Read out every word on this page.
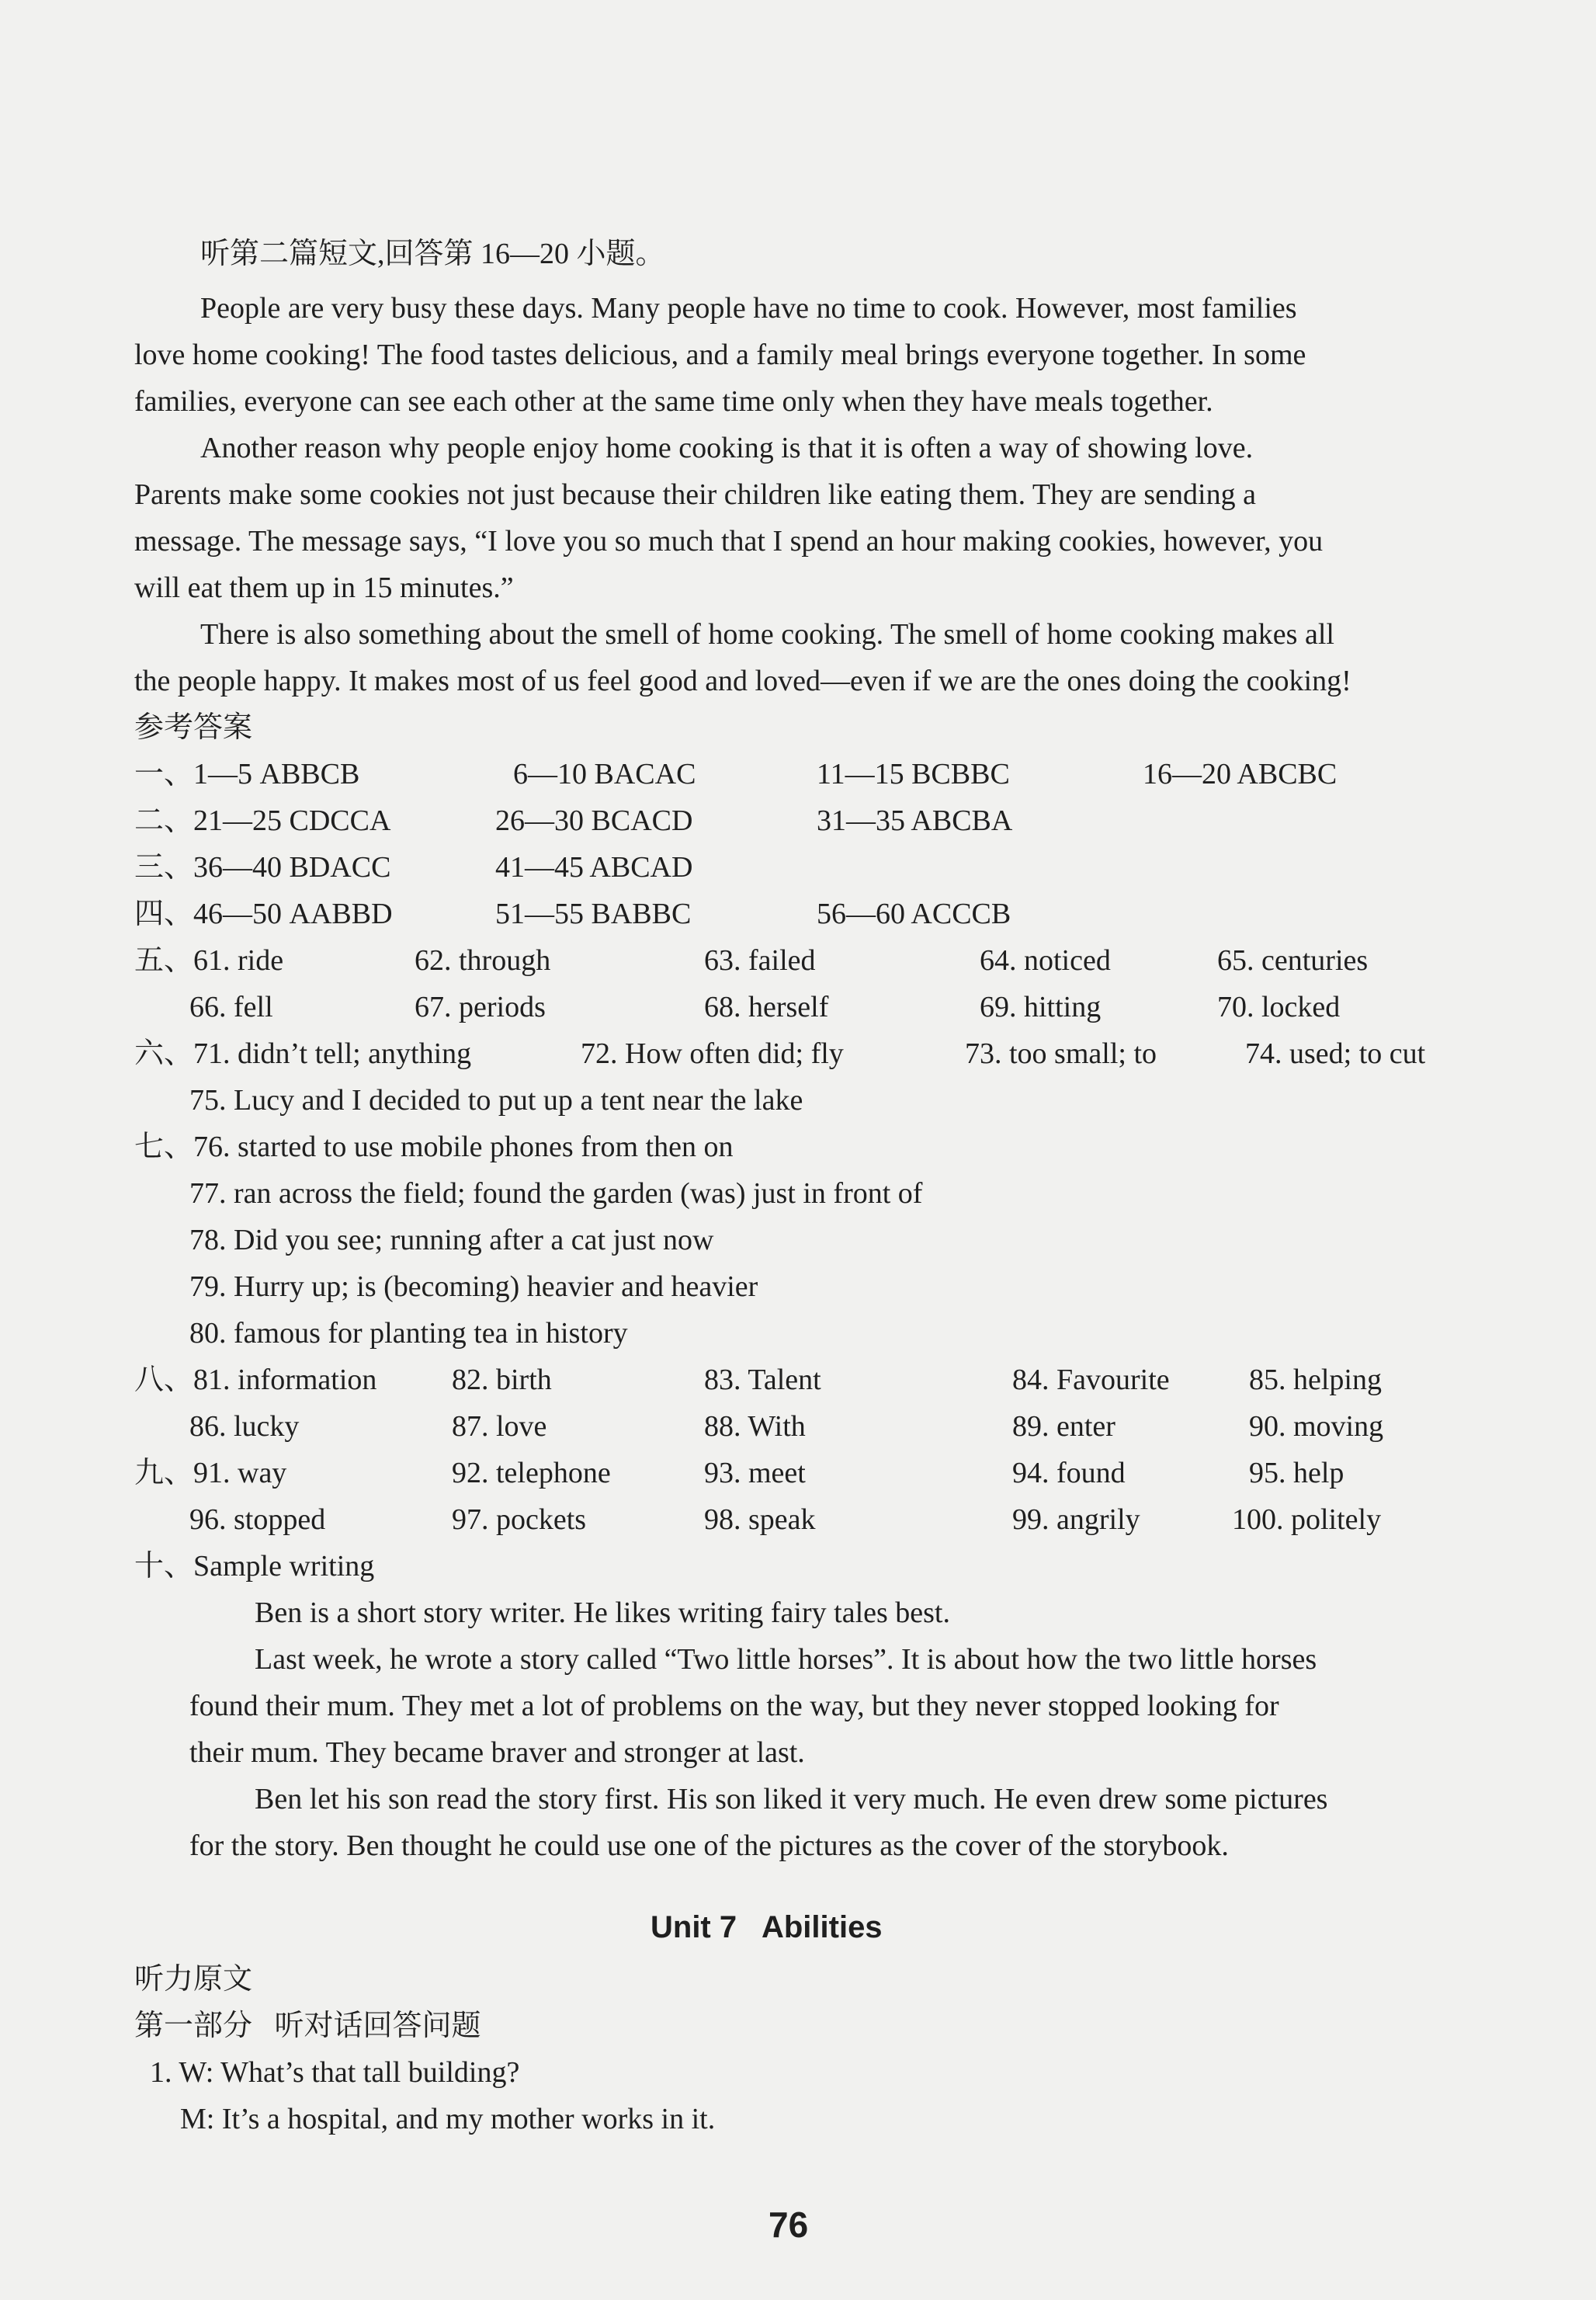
听第二篇短文,回答第 16—20 小题。
People are very busy these days. Many people have no time to cook. However, most families
love home cooking! The food tastes delicious, and a family meal brings everyone together. In some
families, everyone can see each other at the same time only when they have meals together.
Another reason why people enjoy home cooking is that it is often a way of showing love.
Parents make some cookies not just because their children like eating them. They are sending a
message. The message says, “I love you so much that I spend an hour making cookies, however, you
will eat them up in 15 minutes.”
There is also something about the smell of home cooking. The smell of home cooking makes all
the people happy. It makes most of us feel good and loved—even if we are the ones doing the cooking!
参考答案
一、1—5 ABBCB	6—10 BACAC	11—15 BCBBC	16—20 ABCBC
二、21—25 CDCCA	26—30 BCACD	31—35 ABCBA
三、36—40 BDACC	41—45 ABCAD
四、46—50 AABBD	51—55 BABBC	56—60 ACCCB
五、61. ride	62. through	63. failed	64. noticed	65. centuries
66. fell	67. periods	68. herself	69. hitting	70. locked
六、71. didn’t tell; anything	72. How often did; fly	73. too small; to	74. used; to cut
75. Lucy and I decided to put up a tent near the lake
七、76. started to use mobile phones from then on
77. ran across the field; found the garden (was) just in front of
78. Did you see; running after a cat just now
79. Hurry up; is (becoming) heavier and heavier
80. famous for planting tea in history
八、81. information	82. birth	83. Talent	84. Favourite	85. helping
86. lucky	87. love	88. With	89. enter	90. moving
九、91. way	92. telephone	93. meet	94. found	95. help
96. stopped	97. pockets	98. speak	99. angrily	100. politely
十、Sample writing
Ben is a short story writer. He likes writing fairy tales best.
Last week, he wrote a story called “Two little horses”. It is about how the two little horses
found their mum. They met a lot of problems on the way, but they never stopped looking for
their mum. They became braver and stronger at last.
Ben let his son read the story first. His son liked it very much. He even drew some pictures
for the story. Ben thought he could use one of the pictures as the cover of the storybook.
Unit 7   Abilities
听力原文
第一部分   听对话回答问题
1. W: What’s that tall building?
M: It’s a hospital, and my mother works in it.
76
